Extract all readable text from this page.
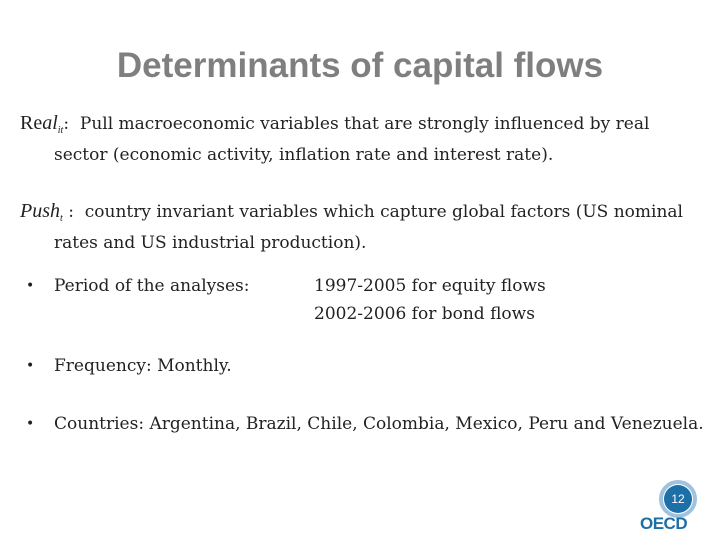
Determinants of capital flows
Real$_{it}$: Pull macroeconomic variables that are strongly influenced by real
sector (economic activity, inflation rate and interest rate).
Push$_t$ : country invariant variables which capture global factors (US nominal
rates and US industrial production).
•	Period of the analyses:	1997-2005 for equity flows
2002-2006 for bond flows
•	Frequency: Monthly.
•	Countries: Argentina, Brazil, Chile, Colombia, Mexico, Peru and Venezuela.
12
OECD
